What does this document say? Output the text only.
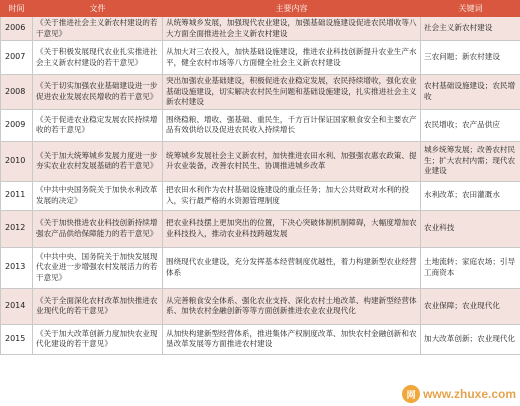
时间	文件	主要内容	关键词
2006	《关于推进社会主义新农村建设的若干意见》	从统筹城乡发展，加强现代农业建设，加强基础设施建设促进农民增收等八大方面全面推进社会主义新农村建设	社会主义新农村建设
2007	《关于积极发展现代农业扎实推进社会主义新农村建设的若干意见》	从加大对三农投入，加快基础设施建设，推进农业科技创新提升农业生产水平，健全农村市场等八方面健全社会主义新农村建设	三农问题；新农村建设
2008	《关于切实加强农业基础建设进一步促进农业发展农民增收的若干意见》	突出加强农业基础建设，积极促进农业稳定发展，农民持续增收，强化农业基础设施建设，切实解决农村民生问题和基础设施建设，扎实推进社会主义新农村建设	农村基础设施建设；农民增收
2009	《关于促进农业稳定发展农民持续增收的若干意见》	围绕稳粮、增收、强基础、重民生，千方百计保证国家粮食安全和主要农产品有效供给以及促进农民收入持续增长	农民增收；农产品供应
2010	《关于加大统筹城乡发展力度进一步夯实农业农村发展基础的若干意见》	统筹城乡发展社会主义新农村，加快推进农田水利、加强强农惠农政策、提升农业装备，改善农村民生、协调推进城乡改革	城乡统筹发展；改善农村民生；扩大农村内需；现代农业建设
2011	《中共中央国务院关于加快水利改革发展的决定》	把农田水利作为农村基础设施建设的重点任务；加大公共财政对水利的投入，实行最严格的水资源管理制度	水利改革；农田灌溉水
2012	《关于加快推进农业科技创新持续增强农产品供给保障能力的若干意见》	把农业科技摆上更加突出的位置，下决心突破体制机制障碍，大幅度增加农业科技投入，推动农业科技跨越发展	农业科技
2013	《中共中央、国务院关于加快发展现代农业进一步增强农村发展活力的若干意见》	围绕现代农业建设，充分发挥基本经营制度优越性，着力构建新型农业经营体系	土地流转；家庭农场；引导工商资本
2014	《关于全面深化农村改革加快推进农业现代化的若干意见》	从完善粮食安全体系、强化农业支持、深化农村土地改革、构建新型经营体系、加快农村金融创新等等方面创新推进农业农业现代化	农业保障；农业现代化
2015	《关于加大改革创新力度加快农业现代化建设的若干意见》	从加快构建新型经营体系，推进集体产权制度改革、加快农村金融创新和农垦改革发展等方面推进农村建设	加大改革创新；农业现代化
网 www.zhuxe.com
